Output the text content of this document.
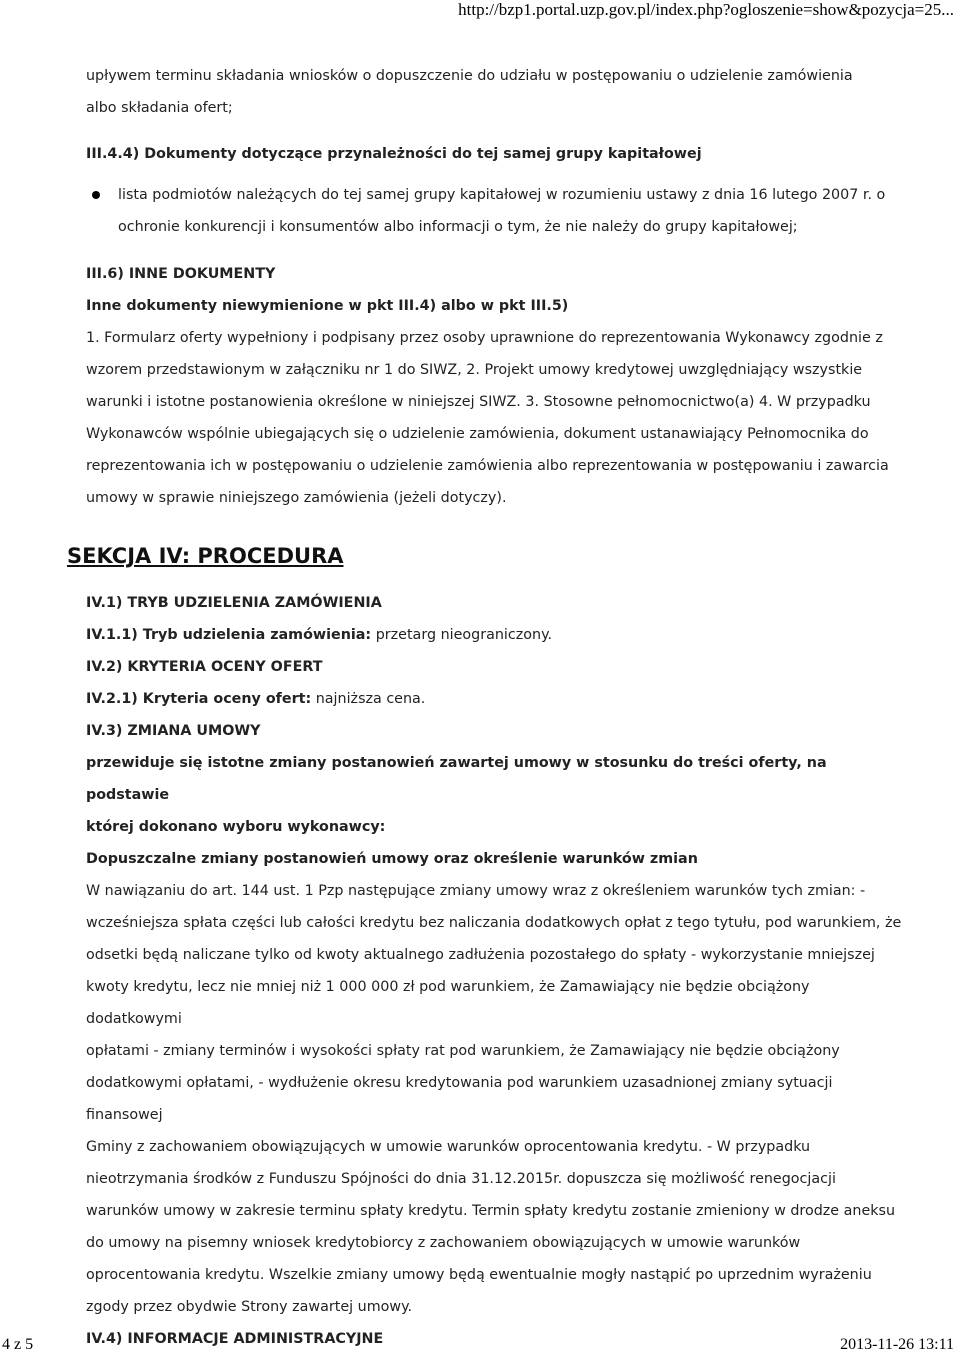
http://bzp1.portal.uzp.gov.pl/index.php?ogloszenie=show&pozycja=25...

upływem terminu składania wniosków o dopuszczenie do udziału w postępowaniu o udzielenie zamówienia

albo składania ofert;

III.4.4) Dokumenty dotyczące przynależności do tej samej grupy kapitałowej

lista podmiotów należących do tej samej grupy kapitałowej w rozumieniu ustawy z dnia 16 lutego 2007 r. o
ochronie konkurencji i konsumentów albo informacji o tym, że nie należy do grupy kapitałowej;

III.6) INNE DOKUMENTY

Inne dokumenty niewymienione w pkt III.4) albo w pkt III.5)

1. Formularz oferty wypełniony i podpisany przez osoby uprawnione do reprezentowania Wykonawcy zgodnie z

wzorem przedstawionym w załączniku nr 1 do SIWZ, 2. Projekt umowy kredytowej uwzględniający wszystkie

warunki i istotne postanowienia określone w niniejszej SIWZ. 3. Stosowne pełnomocnictwo(a) 4. W przypadku

Wykonawców wspólnie ubiegających się o udzielenie zamówienia, dokument ustanawiający Pełnomocnika do

reprezentowania ich w postępowaniu o udzielenie zamówienia albo reprezentowania w postępowaniu i zawarcia

umowy w sprawie niniejszego zamówienia (jeżeli dotyczy).

SEKCJA IV: PROCEDURA

IV.1) TRYB UDZIELENIA ZAMÓWIENIA

IV.1.1) Tryb udzielenia zamówienia: przetarg nieograniczony.

IV.2) KRYTERIA OCENY OFERT

IV.2.1) Kryteria oceny ofert: najniższa cena.

IV.3) ZMIANA UMOWY

przewiduje się istotne zmiany postanowień zawartej umowy w stosunku do treści oferty, na podstawie

której dokonano wyboru wykonawcy:

Dopuszczalne zmiany postanowień umowy oraz określenie warunków zmian

W nawiązaniu do art. 144 ust. 1 Pzp następujące zmiany umowy wraz z określeniem warunków tych zmian: -

wcześniejsza spłata części lub całości kredytu bez naliczania dodatkowych opłat z tego tytułu, pod warunkiem, że

odsetki będą naliczane tylko od kwoty aktualnego zadłużenia pozostałego do spłaty - wykorzystanie mniejszej

kwoty kredytu, lecz nie mniej niż 1 000 000 zł pod warunkiem, że Zamawiający nie będzie obciążony dodatkowymi

opłatami - zmiany terminów i wysokości spłaty rat pod warunkiem, że Zamawiający nie będzie obciążony

dodatkowymi opłatami, - wydłużenie okresu kredytowania pod warunkiem uzasadnionej zmiany sytuacji finansowej

Gminy z zachowaniem obowiązujących w umowie warunków oprocentowania kredytu. - W przypadku

nieotrzymania środków z Funduszu Spójności do dnia 31.12.2015r. dopuszcza się możliwość renegocjacji

warunków umowy w zakresie terminu spłaty kredytu. Termin spłaty kredytu zostanie zmieniony w drodze aneksu

do umowy na pisemny wniosek kredytobiorcy z zachowaniem obowiązujących w umowie warunków

oprocentowania kredytu. Wszelkie zmiany umowy będą ewentualnie mogły nastąpić po uprzednim wyrażeniu

zgody przez obydwie Strony zawartej umowy.

IV.4) INFORMACJE ADMINISTRACYJNE

4 z 5	2013-11-26 13:11
